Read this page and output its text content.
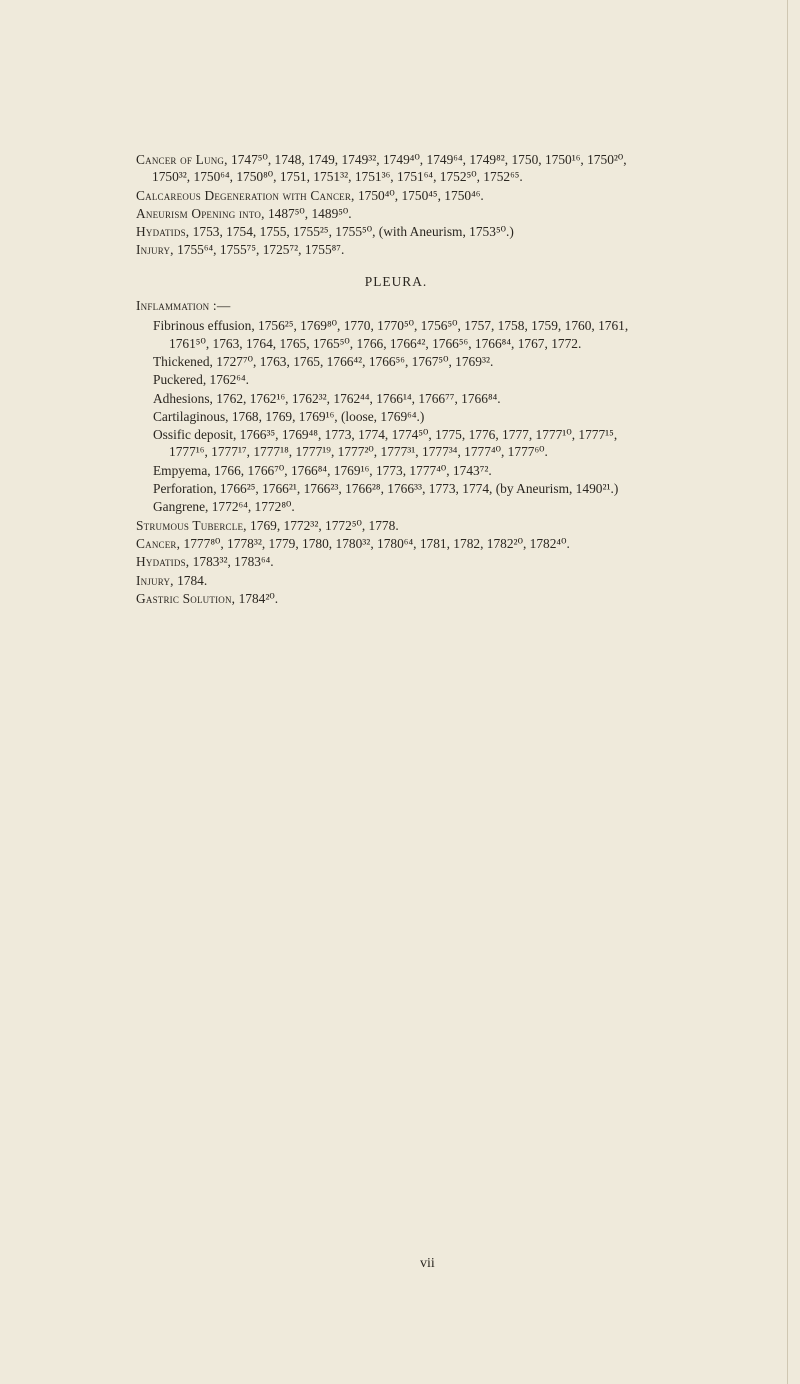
Cancer of Lung, 1747⁵⁰, 1748, 1749, 1749³², 1749⁴⁰, 1749⁶⁴, 1749⁸², 1750, 1750¹⁶, 1750²⁰, 1750³², 1750⁶⁴, 1750⁸⁰, 1751, 1751³², 1751³⁶, 1751⁶⁴, 1752⁵⁰, 1752⁶⁵.
Calcareous Degeneration with Cancer, 1750⁴⁰, 1750⁴⁵, 1750⁴⁶.
Aneurism Opening into, 1487⁵⁰, 1489⁵⁰.
Hydatids, 1753, 1754, 1755, 1755²⁵, 1755⁵⁰, (with Aneurism, 1753⁵⁰.)
Injury, 1755⁶⁴, 1755⁷⁵, 1725⁷², 1755⁸⁷.
PLEURA.
Inflammation :—
Fibrinous effusion, 1756²⁵, 1769⁸⁰, 1770, 1770⁵⁰, 1756⁵⁰, 1757, 1758, 1759, 1760, 1761, 1761⁵⁰, 1763, 1764, 1765, 1765⁵⁰, 1766, 1766⁴², 1766⁵⁶, 1766⁸⁴, 1767, 1772.
Thickened, 1727⁷⁰, 1763, 1765, 1766⁴², 1766⁵⁶, 1767⁵⁰, 1769³².
Puckered, 1762⁶⁴.
Adhesions, 1762, 1762¹⁶, 1762³², 1762⁴⁴, 1766¹⁴, 1766⁷⁷, 1766⁸⁴.
Cartilaginous, 1768, 1769, 1769¹⁶, (loose, 1769⁶⁴.)
Ossific deposit, 1766³⁵, 1769⁴⁸, 1773, 1774, 1774⁵⁰, 1775, 1776, 1777, 1777¹⁰, 1777¹⁵, 1777¹⁶, 1777¹⁷, 1777¹⁸, 1777¹⁹, 1777²⁰, 1777³¹, 1777³⁴, 1777⁴⁰, 1777⁶⁰.
Empyema, 1766, 1766⁷⁰, 1766⁸⁴, 1769¹⁶, 1773, 1777⁴⁰, 1743⁷².
Perforation, 1766²⁵, 1766²¹, 1766²³, 1766²⁸, 1766³³, 1773, 1774, (by Aneurism, 1490²¹.)
Gangrene, 1772⁶⁴, 1772⁸⁰.
Strumous Tubercle, 1769, 1772³², 1772⁵⁰, 1778.
Cancer, 1777⁸⁰, 1778³², 1779, 1780, 1780³², 1780⁶⁴, 1781, 1782, 1782²⁰, 1782⁴⁰.
Hydatids, 1783³², 1783⁶⁴.
Injury, 1784.
Gastric Solution, 1784²⁰.
vii
